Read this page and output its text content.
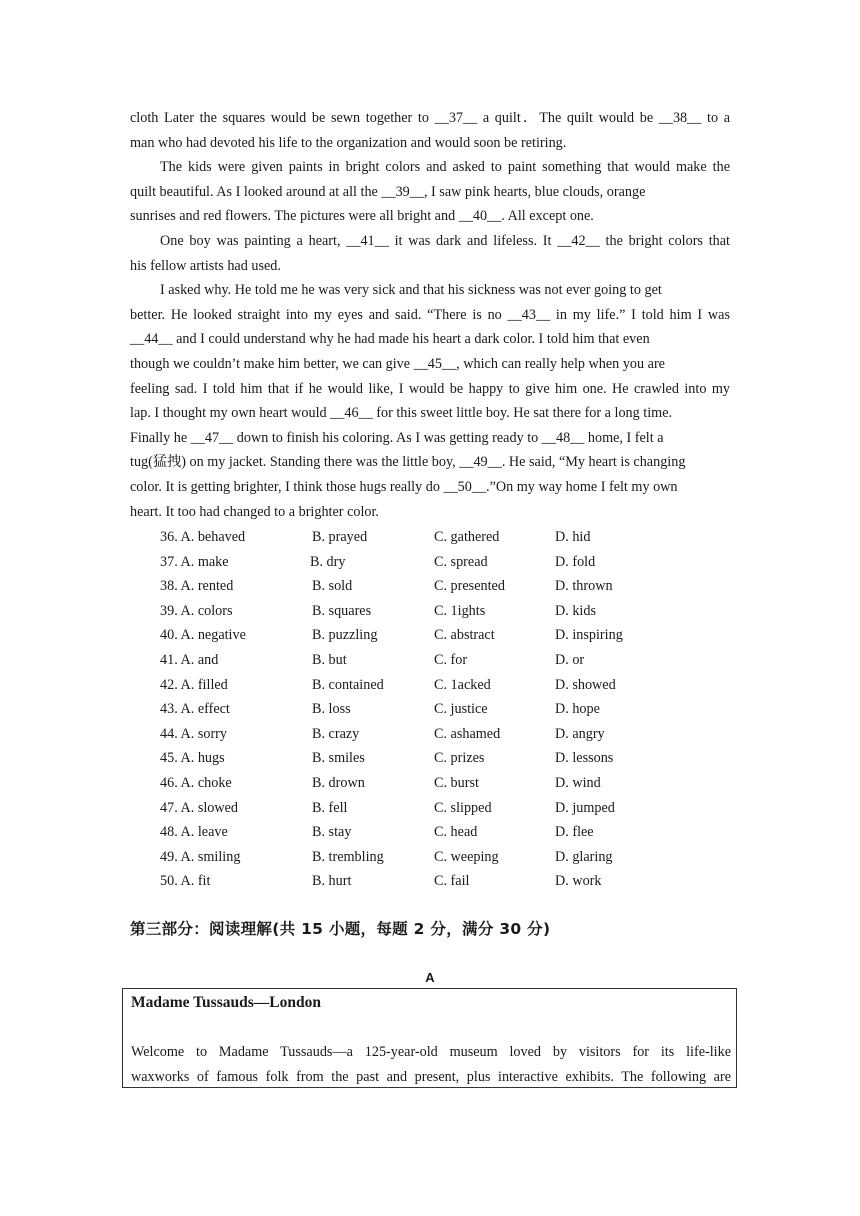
cloth Later the squares would be sewn together to __37__ a quilt．The quilt would be __38__ to a
man who had devoted his life to the organization and would soon be retiring.
The kids were given paints in bright colors and asked to paint something that would make the
quilt beautiful. As I looked around at all the __39__, I saw pink hearts, blue clouds, orange
sunrises and red flowers. The pictures were all bright and __40__. All except one.
One boy was painting a heart, __41__ it was dark and lifeless. It __42__ the bright colors that
his fellow artists had used.
I asked why. He told me he was very sick and that his sickness was not ever going to get
better. He looked straight into my eyes and said. “There is no __43__ in my life.” I told him I was
__44__ and I could understand why he had made his heart a dark color. I told him that even
though we couldn’t make him better, we can give __45__, which can really help when you are
feeling sad. I told him that if he would like, I would be happy to give him one. He crawled into my
lap. I thought my own heart would __46__ for this sweet little boy. He sat there for a long time.
Finally he __47__ down to finish his coloring. As I was getting ready to __48__ home, I felt a
tug(猛拽) on my jacket. Standing there was the little boy, __49__. He said, “My heart is changing
color. It is getting brighter, I think those hugs really do __50__.”On my way home I felt my own
heart. It too had changed to a brighter color.
36. A. behaved	B. prayed	C. gathered	D. hid
37. A. make	B. dry	C. spread	D. fold
38. A. rented	B. sold	C. presented	D. thrown
39. A. colors	B. squares	C. 1ights	D. kids
40. A. negative	B. puzzling	C. abstract	D. inspiring
41. A. and	B. but	C. for	D. or
42. A. filled	B. contained	C. 1acked	D. showed
43. A. effect	B. loss	C. justice	D. hope
44. A. sorry	B. crazy	C. ashamed	D. angry
45. A. hugs	B. smiles	C. prizes	D. lessons
46. A. choke	B. drown	C. burst	D. wind
47. A. slowed	B. fell	C. slipped	D. jumped
48. A. leave	B. stay	C. head	D. flee
49. A. smiling	B. trembling	C. weeping	D. glaring
50. A. fit	B. hurt	C. fail	D. work
第三部分：阅读理解(共 15 小题，每题 2 分，满分 30 分)
A
Madame Tussauds—London
Welcome to Madame Tussauds—a 125-year-old museum loved by visitors for its life-like
waxworks of famous folk from the past and present, plus interactive exhibits. The following are
